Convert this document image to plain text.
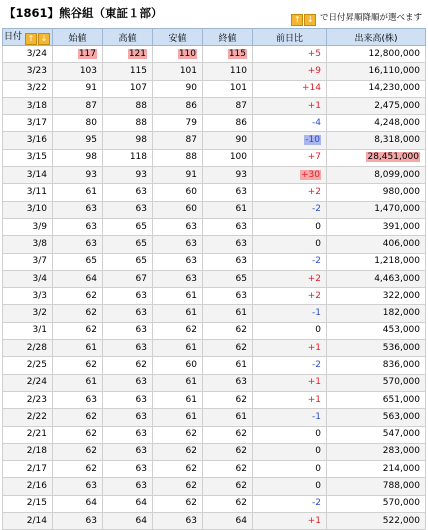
【1861】熊谷組（東証１部）	↑ ↓ で日付昇順降順が選べます
日付 ↑ ↓	始値	高値	安値	終値	前日比	出来高(株)
3/24	117	121	110	115	+5	12,800,000
3/23	103	115	101	110	+9	16,110,000
3/22	91	107	90	101	+14	14,230,000
3/18	87	88	86	87	+1	2,475,000
3/17	80	88	79	86	-4	4,248,000
3/16	95	98	87	90	-10	8,318,000
3/15	98	118	88	100	+7	28,451,000
3/14	93	93	91	93	+30	8,099,000
3/11	61	63	60	63	+2	980,000
3/10	63	63	60	61	-2	1,470,000
3/9	63	65	63	63	0	391,000
3/8	63	65	63	63	0	406,000
3/7	65	65	63	63	-2	1,218,000
3/4	64	67	63	65	+2	4,463,000
3/3	62	63	61	63	+2	322,000
3/2	62	63	61	61	-1	182,000
3/1	62	63	62	62	0	453,000
2/28	61	63	61	62	+1	536,000
2/25	62	62	60	61	-2	836,000
2/24	61	63	61	63	+1	570,000
2/23	63	63	61	62	+1	651,000
2/22	62	63	61	61	-1	563,000
2/21	62	63	62	62	0	547,000
2/18	62	63	62	62	0	283,000
2/17	62	63	62	62	0	214,000
2/16	63	63	62	62	0	788,000
2/15	64	64	62	62	-2	570,000
2/14	63	64	63	64	+1	522,000
